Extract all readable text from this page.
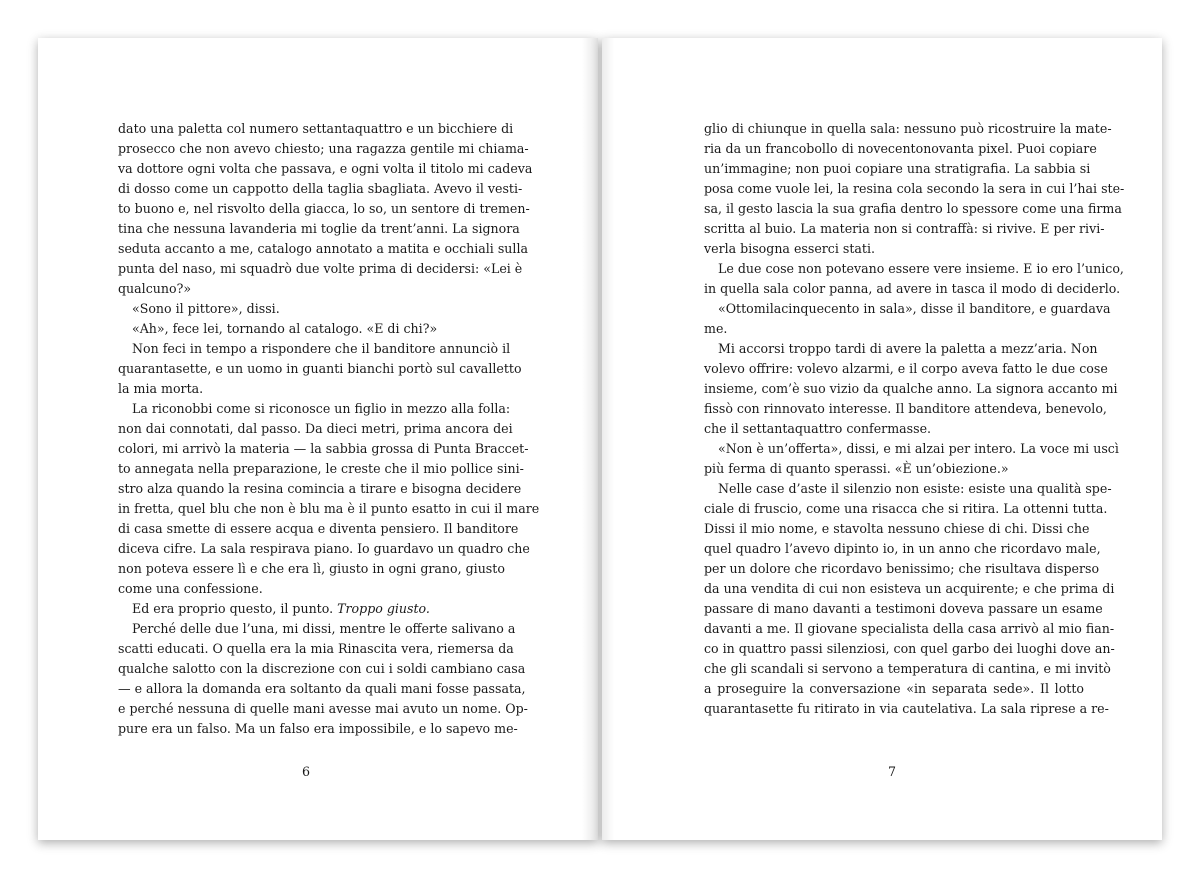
dato una paletta col numero settantaquattro e un bicchiere di
prosecco che non avevo chiesto; una ragazza gentile mi chiama-
va dottore ogni volta che passava, e ogni volta il titolo mi cadeva
di dosso come un cappotto della taglia sbagliata. Avevo il vesti-
to buono e, nel risvolto della giacca, lo so, un sentore di tremen-
tina che nessuna lavanderia mi toglie da trent’anni. La signora
seduta accanto a me, catalogo annotato a matita e occhiali sulla
punta del naso, mi squadrò due volte prima di decidersi: «Lei è
qualcuno?»
«Sono il pittore», dissi.
«Ah», fece lei, tornando al catalogo. «E di chi?»
Non feci in tempo a rispondere che il banditore annunciò il
quarantasette, e un uomo in guanti bianchi portò sul cavalletto
la mia morta.
La riconobbi come si riconosce un figlio in mezzo alla folla:
non dai connotati, dal passo. Da dieci metri, prima ancora dei
colori, mi arrivò la materia — la sabbia grossa di Punta Braccet-
to annegata nella preparazione, le creste che il mio pollice sini-
stro alza quando la resina comincia a tirare e bisogna decidere
in fretta, quel blu che non è blu ma è il punto esatto in cui il mare
di casa smette di essere acqua e diventa pensiero. Il banditore
diceva cifre. La sala respirava piano. Io guardavo un quadro che
non poteva essere lì e che era lì, giusto in ogni grano, giusto
come una confessione.
Ed era proprio questo, il punto. Troppo giusto.
Perché delle due l’una, mi dissi, mentre le offerte salivano a
scatti educati. O quella era la mia Rinascita vera, riemersa da
qualche salotto con la discrezione con cui i soldi cambiano casa
— e allora la domanda era soltanto da quali mani fosse passata,
e perché nessuna di quelle mani avesse mai avuto un nome. Op-
pure era un falso. Ma un falso era impossibile, e lo sapevo me-
6
glio di chiunque in quella sala: nessuno può ricostruire la mate-
ria da un francobollo di novecentonovanta pixel. Puoi copiare
un’immagine; non puoi copiare una stratigrafia. La sabbia si
posa come vuole lei, la resina cola secondo la sera in cui l’hai ste-
sa, il gesto lascia la sua grafia dentro lo spessore come una firma
scritta al buio. La materia non si contraffà: si rivive. E per rivi-
verla bisogna esserci stati.
Le due cose non potevano essere vere insieme. E io ero l’unico,
in quella sala color panna, ad avere in tasca il modo di deciderlo.
«Ottomilacinquecento in sala», disse il banditore, e guardava
me.
Mi accorsi troppo tardi di avere la paletta a mezz’aria. Non
volevo offrire: volevo alzarmi, e il corpo aveva fatto le due cose
insieme, com’è suo vizio da qualche anno. La signora accanto mi
fissò con rinnovato interesse. Il banditore attendeva, benevolo,
che il settantaquattro confermasse.
«Non è un’offerta», dissi, e mi alzai per intero. La voce mi uscì
più ferma di quanto sperassi. «È un’obiezione.»
Nelle case d’aste il silenzio non esiste: esiste una qualità spe-
ciale di fruscio, come una risacca che si ritira. La ottenni tutta.
Dissi il mio nome, e stavolta nessuno chiese di chi. Dissi che
quel quadro l’avevo dipinto io, in un anno che ricordavo male,
per un dolore che ricordavo benissimo; che risultava disperso
da una vendita di cui non esisteva un acquirente; e che prima di
passare di mano davanti a testimoni doveva passare un esame
davanti a me. Il giovane specialista della casa arrivò al mio fian-
co in quattro passi silenziosi, con quel garbo dei luoghi dove an-
che gli scandali si servono a temperatura di cantina, e mi invitò
a proseguire la conversazione «in separata sede». Il lotto
quarantasette fu ritirato in via cautelativa. La sala riprese a re-
7
